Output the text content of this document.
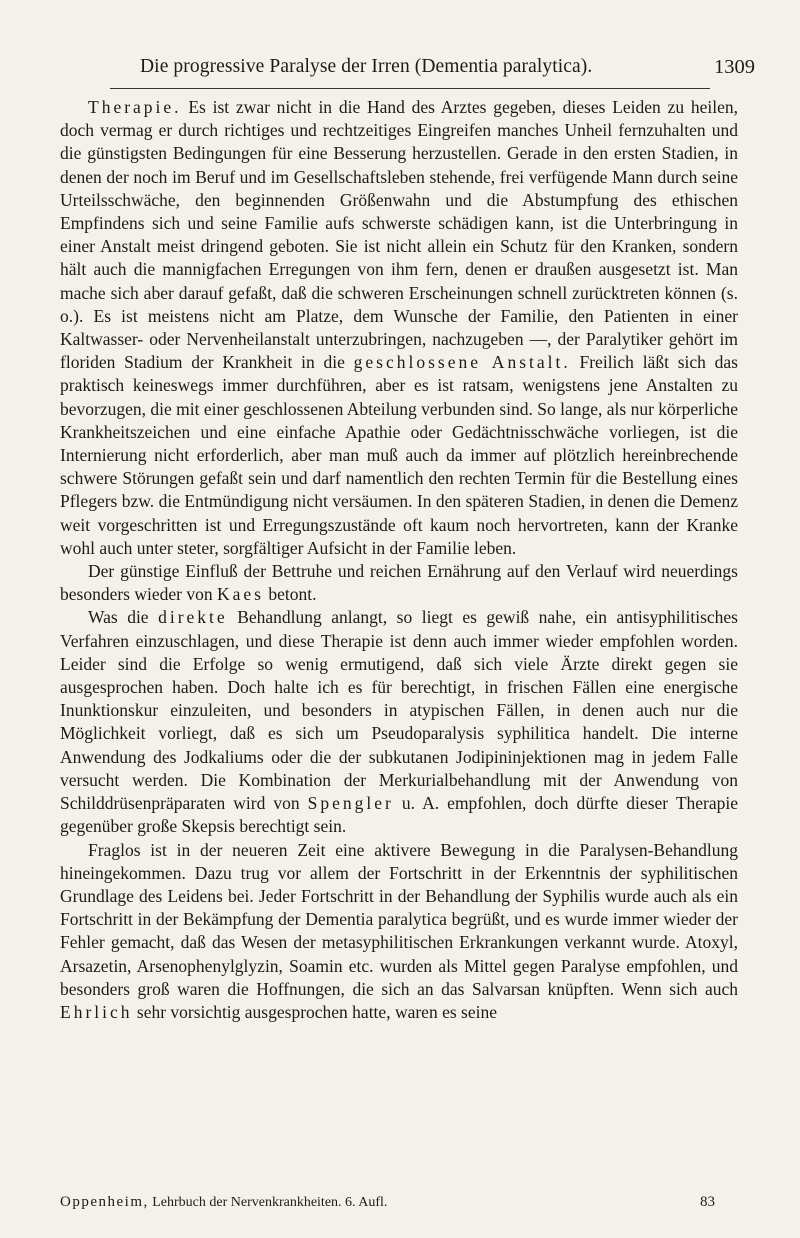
Die progressive Paralyse der Irren (Dementia paralytica).	1309

Therapie. Es ist zwar nicht in die Hand des Arztes gegeben, dieses Leiden zu heilen, doch vermag er durch richtiges und rechtzeitiges Eingreifen manches Unheil fernzuhalten und die günstigsten Bedingungen für eine Besserung herzustellen. Gerade in den ersten Stadien, in denen der noch im Beruf und im Gesellschaftsleben stehende, frei verfügende Mann durch seine Urteilsschwäche, den beginnenden Größenwahn und die Abstumpfung des ethischen Empfindens sich und seine Familie aufs schwerste schädigen kann, ist die Unterbringung in einer Anstalt meist dringend geboten. Sie ist nicht allein ein Schutz für den Kranken, sondern hält auch die mannigfachen Erregungen von ihm fern, denen er draußen ausgesetzt ist. Man mache sich aber darauf gefaßt, daß die schweren Erscheinungen schnell zurücktreten können (s. o.). Es ist meistens nicht am Platze, dem Wunsche der Familie, den Patienten in einer Kaltwasser- oder Nervenheilanstalt unterzubringen, nachzugeben —, der Paralytiker gehört im floriden Stadium der Krankheit in die geschlossene Anstalt. Freilich läßt sich das praktisch keineswegs immer durchführen, aber es ist ratsam, wenigstens jene Anstalten zu bevorzugen, die mit einer geschlossenen Abteilung verbunden sind. So lange, als nur körperliche Krankheitszeichen und eine einfache Apathie oder Gedächtnisschwäche vorliegen, ist die Internierung nicht erforderlich, aber man muß auch da immer auf plötzlich hereinbrechende schwere Störungen gefaßt sein und darf namentlich den rechten Termin für die Bestellung eines Pflegers bzw. die Entmündigung nicht versäumen. In den späteren Stadien, in denen die Demenz weit vorgeschritten ist und Erregungszustände oft kaum noch hervortreten, kann der Kranke wohl auch unter steter, sorgfältiger Aufsicht in der Familie leben.

Der günstige Einfluß der Bettruhe und reichen Ernährung auf den Verlauf wird neuerdings besonders wieder von Kaes betont.

Was die direkte Behandlung anlangt, so liegt es gewiß nahe, ein antisyphilitisches Verfahren einzuschlagen, und diese Therapie ist denn auch immer wieder empfohlen worden. Leider sind die Erfolge so wenig ermutigend, daß sich viele Ärzte direkt gegen sie ausgesprochen haben. Doch halte ich es für berechtigt, in frischen Fällen eine energische Inunktionskur einzuleiten, und besonders in atypischen Fällen, in denen auch nur die Möglichkeit vorliegt, daß es sich um Pseudoparalysis syphilitica handelt. Die interne Anwendung des Jodkaliums oder die der subkutanen Jodipininjektionen mag in jedem Falle versucht werden. Die Kombination der Merkurialbehandlung mit der Anwendung von Schilddrüsenpräparaten wird von Spengler u. A. empfohlen, doch dürfte dieser Therapie gegenüber große Skepsis berechtigt sein.

Fraglos ist in der neueren Zeit eine aktivere Bewegung in die Paralysen-Behandlung hineingekommen. Dazu trug vor allem der Fortschritt in der Erkenntnis der syphilitischen Grundlage des Leidens bei. Jeder Fortschritt in der Behandlung der Syphilis wurde auch als ein Fortschritt in der Bekämpfung der Dementia paralytica begrüßt, und es wurde immer wieder der Fehler gemacht, daß das Wesen der metasyphilitischen Erkrankungen verkannt wurde. Atoxyl, Arsazetin, Arsenophenylglyzin, Soamin etc. wurden als Mittel gegen Paralyse empfohlen, und besonders groß waren die Hoffnungen, die sich an das Salvarsan knüpften. Wenn sich auch Ehrlich sehr vorsichtig ausgesprochen hatte, waren es seine

Oppenheim, Lehrbuch der Nervenkrankheiten. 6. Aufl.	83
